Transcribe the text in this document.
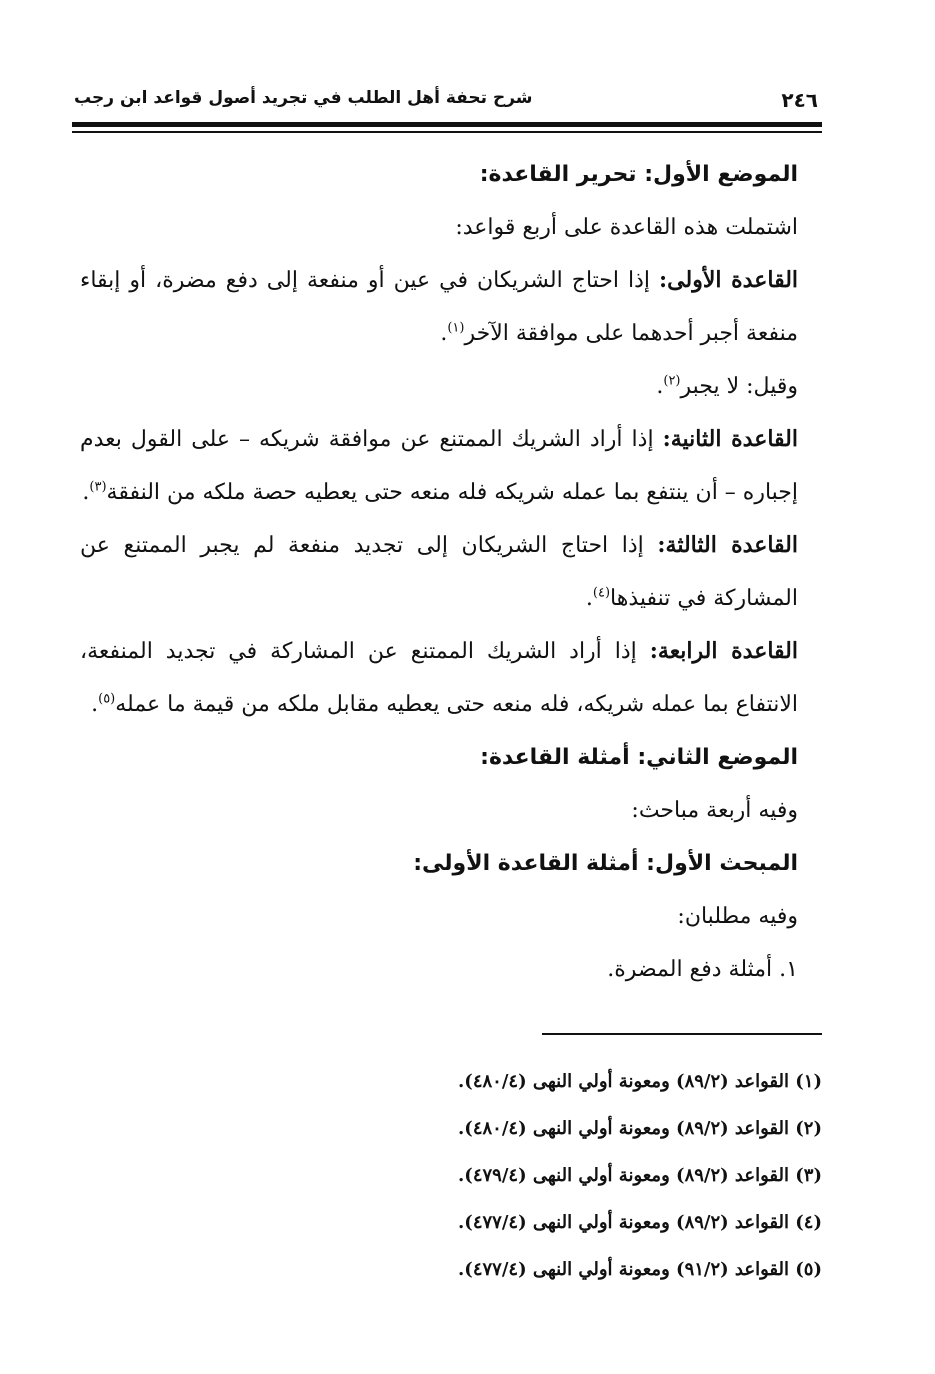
٢٤٦
شرح تحفة أهل الطلب في تجريد أصول قواعد ابن رجب

الموضع الأول: تحرير القاعدة:

اشتملت هذه القاعدة على أربع قواعد:

القاعدة الأولى: إذا احتاج الشريكان في عين أو منفعة إلى دفع مضرة، أو إبقاء منفعة أجبر أحدهما على موافقة الآخر$^{(١)}$.

وقيل: لا يجبر$^{(٢)}$.

القاعدة الثانية: إذا أراد الشريك الممتنع عن موافقة شريكه – على القول بعدم إجباره – أن ينتفع بما عمله شريكه فله منعه حتى يعطيه حصة ملكه من النفقة$^{(٣)}$.

القاعدة الثالثة: إذا احتاج الشريكان إلى تجديد منفعة لم يجبر الممتنع عن المشاركة في تنفيذها$^{(٤)}$.

القاعدة الرابعة: إذا أراد الشريك الممتنع عن المشاركة في تجديد المنفعة، الانتفاع بما عمله شريكه، فله منعه حتى يعطيه مقابل ملكه من قيمة ما عمله$^{(٥)}$.

الموضع الثاني: أمثلة القاعدة:

وفيه أربعة مباحث:

المبحث الأول: أمثلة القاعدة الأولى:

وفيه مطلبان:

١. أمثلة دفع المضرة.

(١) القواعد (٨٩/٢) ومعونة أولي النهى (٤٨٠/٤).
(٢) القواعد (٨٩/٢) ومعونة أولي النهى (٤٨٠/٤).
(٣) القواعد (٨٩/٢) ومعونة أولي النهى (٤٧٩/٤).
(٤) القواعد (٨٩/٢) ومعونة أولي النهى (٤٧٧/٤).
(٥) القواعد (٩١/٢) ومعونة أولي النهى (٤٧٧/٤).
